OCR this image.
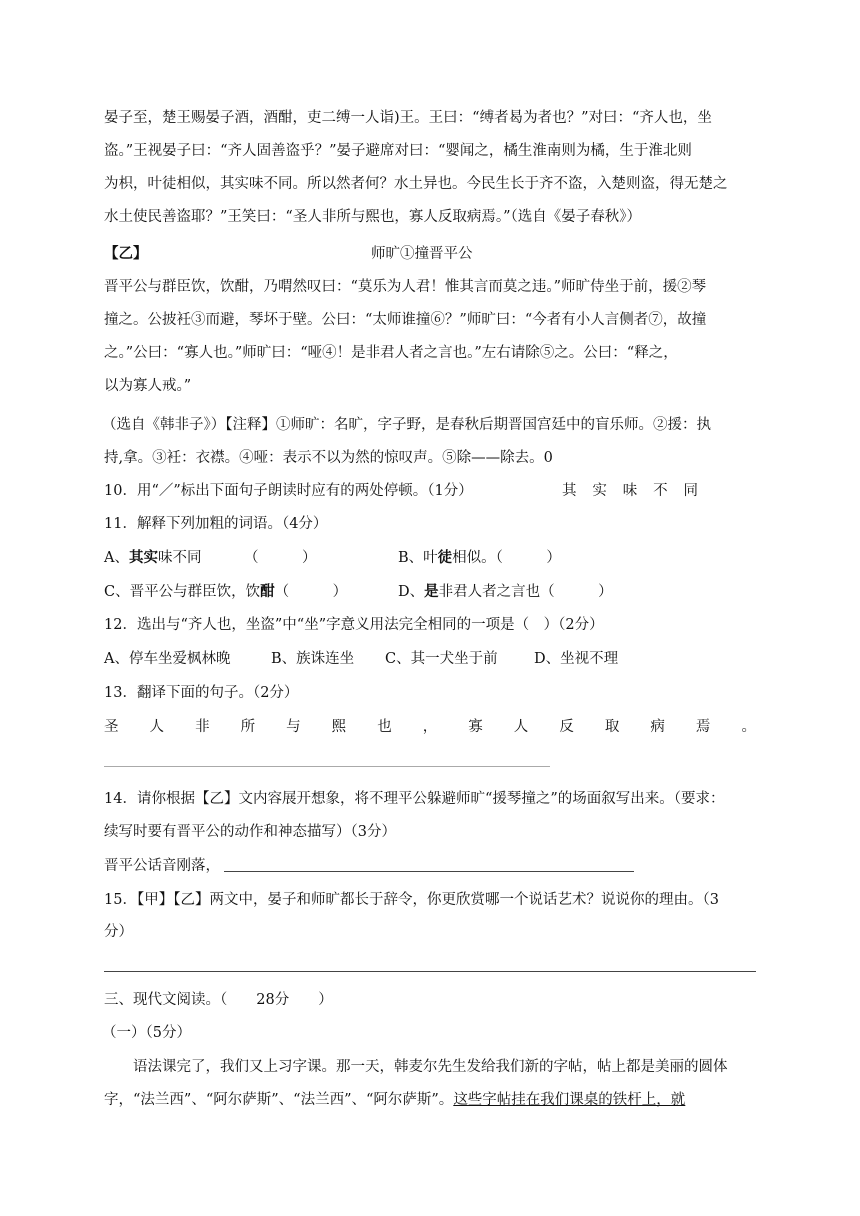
晏子至，楚王赐晏子酒，酒酣，吏二缚一人诣)王。王曰：“缚者曷为者也？”对曰：“齐人也，坐
盗。”王视晏子曰：“齐人固善盗乎？”晏子避席对曰：“婴闻之，橘生淮南则为橘，生于淮北则
为枳，叶徒相似，其实味不同。所以然者何？水土异也。今民生长于齐不盗，入楚则盗，得无楚之
水土使民善盗耶？”王笑曰：“圣人非所与熙也，寡人反取病焉。”（选自《晏子春秋》）
【乙】	师旷①撞晋平公
晋平公与群臣饮，饮酣，乃喟然叹曰：“莫乐为人君！惟其言而莫之违。”师旷侍坐于前，援②琴
撞之。公披衽③而避，琴坏于壁。公曰：“太师谁撞⑥？”师旷曰：“今者有小人言侧者⑦，故撞
之。”公曰：“寡人也。”师旷曰：“哑④！是非君人者之言也。”左右请除⑤之。公曰：“释之，
以为寡人戒。”
（选自《韩非子》）【注释】①师旷：名旷，字子野，是春秋后期晋国宫廷中的盲乐师。②援：执
持,拿。③衽：衣襟。④哑：表示不以为然的惊叹声。⑤除——除去。0
10．用“／”标出下面句子朗读时应有的两处停顿。（1分）	其 实 味 不 同
11．解释下列加粗的词语。（4分）
A、其实味不同	（　　　）	B、叶徒相似。（　　　）
C、晋平公与群臣饮，饮酣（　　　）	D、是非君人者之言也（　　　）
12．选出与“齐人也，坐盗”中“坐”字意义用法完全相同的一项是（　）（2分）
A、停车坐爱枫林晚	B、族诛连坐 C、其一犬坐于前	D、坐视不理
13．翻译下面的句子。（2分）
圣 人 非 所 与 熙 也 ， 寡 人 反 取 病 焉 。
14．请你根据【乙】文内容展开想象，将不理平公躲避师旷“援琴撞之”的场面叙写出来。（要求：
续写时要有晋平公的动作和神态描写）（3分）
晋平公话音刚落，
15．【甲】【乙】两文中，晏子和师旷都长于辞令，你更欣赏哪一个说话艺术？说说你的理由。（3
分）
三、现代文阅读。（　　28分　　）
（一）（5分）
语法课完了，我们又上习字课。那一天，韩麦尔先生发给我们新的字帖，帖上都是美丽的圆体
字，“法兰西”、“阿尔萨斯”、“法兰西”、“阿尔萨斯”。这些字帖挂在我们课桌的铁杆上，就
